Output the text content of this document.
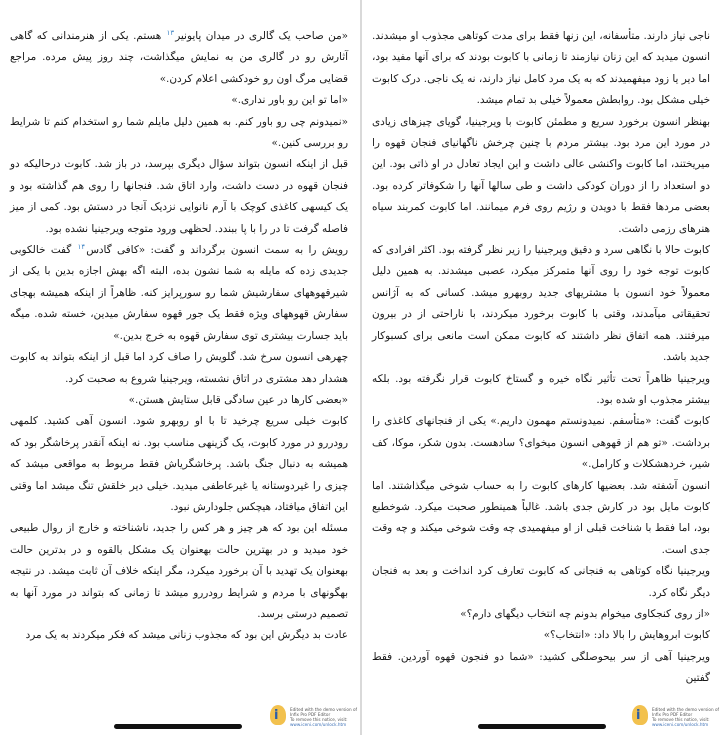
«من صاحب یک گالری در میدان پایونیر$^{۱۳}$ هستم. یکی از هنرمندانی که گاهی آثارش رو در گالری من به نمایش میگذاشت، چند روز پیش مرده. مراجع قضایی مرگ اون رو خودکشی اعلام کردن.»

«اما تو این رو باور نداری.»

«نمیدونم چی رو باور کنم. به همین دلیل مایلم شما رو استخدام کنم تا شرایط رو بررسی کنین.»

قبل از اینکه انسون بتواند سؤال دیگری بپرسد، در باز شد. کابوت درحالیکه دو فنجان قهوه در دست داشت، وارد اتاق شد. فنجانها را روی هم گذاشته بود و یک کیسهی کاغذی کوچک با آرم نانوایی نزدیک آنجا در دستش بود. کمی از میز فاصله گرفت تا در را با پا ببندد. لحظهی ورود متوجه ویرجینیا نشده بود.

رویش را به سمت انسون برگرداند و گفت: «کافی گادس$^{۱۴}$ گفت خالکوبی جدیدی زده که مایله به شما نشون بده، البته اگه بهش اجازه بدین با یکی از شیرقهوههای سفارشیش شما رو سورپرایز کنه. ظاهراً از اینکه همیشه بهجای سفارش قهوههای ویژه فقط یک جور قهوه سفارش میدین، خسته شده. میگه باید جسارت بیشتری توی سفارش قهوه به خرج بدین.»

چهرهی انسون سرخ شد. گلویش را صاف کرد اما قبل از اینکه بتواند به کابوت هشدار دهد مشتری در اتاق نشسته، ویرجینیا شروع به صحبت کرد.

«بعضی کارها در عین سادگی قابل ستایش هستن.»

کابوت خیلی سریع چرخید تا با او روبهرو شود. انسون آهی کشید. کلمهی رودررو در مورد کابوت، یک گزینهی مناسب بود. نه اینکه آنقدر پرخاشگر بود که همیشه به دنبال جنگ باشد. پرخاشگریاش فقط مربوط به مواقعی میشد که چیزی را غیردوستانه یا غیرعاطفی میدید. خیلی دیر خلقش تنگ میشد اما وقتی این اتفاق میافتاد، هیچکس جلودارش نبود.

مسئله این بود که هر چیز و هر کس را جدید، ناشناخته و خارج از روال طبیعی خود میدید و در بهترین حالت بهعنوان یک مشکل بالقوه و در بدترین حالت بهعنوان یک تهدید با آن برخورد میکرد، مگر اینکه خلاف آن ثابت میشد. در نتیجه بهگونهای با مردم و شرایط رودررو میشد تا زمانی که بتواند در مورد آنها به تصمیم درستی برسد.

عادت بد دیگرش این بود که مجذوب زنانی میشد که فکر میکردند به یک مرد

i	Edited with the demo version of
Infix Pro PDF Editor
To remove this notice, visit:
www.iceni.com/unlock.htm

ناجی نیاز دارند. متأسفانه، این زنها فقط برای مدت کوتاهی مجذوب او میشدند. انسون میدید که این زنان نیازمند تا زمانی با کابوت بودند که برای آنها مفید بود، اما دیر یا زود میفهمیدند که به یک مرد کامل نیاز دارند، نه یک ناجی. درک کابوت خیلی مشکل بود. روابطش معمولاً خیلی بد تمام میشد.

بهنظر انسون برخورد سریع و مطمئن کابوت با ویرجینیا، گویای چیزهای زیادی در مورد این مرد بود. بیشتر مردم با چنین چرخش ناگهانیای فنجان قهوه را میریختند، اما کابوت واکنشی عالی داشت و این ایجاد تعادل در او ذاتی بود. این دو استعداد را از دوران کودکی داشت و طی سالها آنها را شکوفاتر کرده بود. بعضی مردها فقط با دویدن و رژیم روی فرم میمانند. اما کابوت کمربند سیاه هنرهای رزمی داشت.

کابوت حالا با نگاهی سرد و دقیق ویرجینیا را زیر نظر گرفته بود. اکثر افرادی که کابوت توجه خود را روی آنها متمرکز میکرد، عصبی میشدند. به همین دلیل معمولاً خود انسون با مشتریهای جدید روبهرو میشد. کسانی که به آژانس تحقیقاتی میآمدند، وقتی با کابوت برخورد میکردند، با ناراحتی از در بیرون میرفتند. همه اتفاق نظر داشتند که کابوت ممکن است مانعی برای کسبوکار جدید باشد.

ویرجینیا ظاهراً تحت تأثیر نگاه خیره و گستاخ کابوت قرار نگرفته بود. بلکه بیشتر مجذوب او شده بود.

کابوت گفت: «متأسفم. نمیدونستم مهمون داریم.» یکی از فنجانهای کاغذی را برداشت. «تو هم از قهوهی انسون میخوای؟ سادهست. بدون شکر، موکا، کف شیر، خردهشکلات و کارامل.»

انسون آشفته شد. بعضیها کارهای کابوت را به حساب شوخی میگذاشتند. اما کابوت مایل بود در کارش جدی باشد. غالباً همینطور صحبت میکرد. شوخطبع بود، اما فقط با شناخت قبلی از او میفهمیدی چه وقت شوخی میکند و چه وقت جدی است.

ویرجینیا نگاه کوتاهی به فنجانی که کابوت تعارف کرد انداخت و بعد به فنجان دیگر نگاه کرد.

«از روی کنجکاوی میخوام بدونم چه انتخاب دیگهای دارم؟»

کابوت ابروهایش را بالا داد: «انتخاب؟»

ویرجینیا آهی از سر بیحوصلگی کشید: «شما دو فنجون قهوه آوردین. فقط گفتین

i	Edited with the demo version of
Infix Pro PDF Editor
To remove this notice, visit:
www.iceni.com/unlock.htm
